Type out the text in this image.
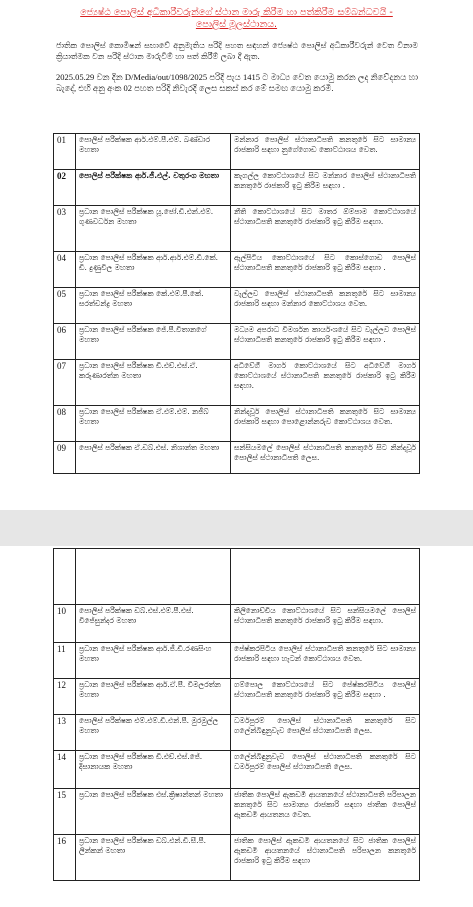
ජ්‍යෙෂ්ඨ පොලිස් අධිකාරීවරුන්ගේ ස්ථාන මාරු කිරීම හා පත්කිරීම සම්බන්ධවයි -
පොලිස් මූලස්ථානය.
ජාතික පොලිස් කොමිෂන් සභාවේ අනුමැතිය පරිදි පහත සඳහන් ජ්‍යෙෂ්ඨ පොලිස් අධිකාරීවරුන් වෙත විනාම ක්‍රියාත්මක වන පරිදි ස්ථාන මාරුවීම් හා පත් කිරීම් ලබා දී ඇත.
2025.05.29 වන දින D/Media/out/1098/2025 පරිදි පැය 1415 ට මාධ්‍ය වෙත යොමු කරන ලද නිවේදනය හා බැදේ, එහි අනු අංක 02 පහත පරිදි නිවැරදි ලෙස සකස් කර මේ සමඟ යොමු කරමි.
01	පොලිස් පරීක්ෂක ආර්.එම්.පී.එම්. බණ්ඩාර මහතා	මන්නාර පොලිස් ස්ථානාධිපති කනතුරේ සිට සාමාන්‍ය රාජකාරි සඳහා නුගේගොඩ කොට්ඨාශය වෙත.
02	පොලිස් පරීක්ෂක ආර්.ජී.එල්. චතුරංග මහතා	කැගල්ල කොට්ඨාශයේ සිට මන්නාර පොලිස් ස්ථානාධිපති කනතුරේ රාජකාරි ඉටු කිරීම සඳහා .
03	ප්‍රධාන පොලිස් පරීක්ෂක යූ.ජෝ.ඩී.එන්.එම්. ගුණවර්ධන මහතා	නීති කොට්ඨාශයේ සිට මාතර ඕම්පාම කොට්ඨාශයේ ස්ථානාධිපති කනතුරේ රාජකාරි ඉටු කිරීම සඳහා.
04	ප්‍රධාන පොලිස් පරීක්ෂක ආර්.ආර්.එම්.ඩී.කේ. ඩී. දුණුවිල මහතා	ඇල්පිටිය කොට්ඨාශයේ සිට කොස්ගොඩ පොලිස් ස්ථානාධිපති කනතුරේ රාජකාරි ඉටු කිරීම සඳහා .
05	ප්‍රධාන පොලිස් පරීක්ෂක කේ.එම්.පී.කේ. සරත්චන්ද්‍ර මහතා	වැල්ලව පොලිස් ස්ථානාධිපති කනතුරේ සිට සාමාන්‍ය රාජකාරි සඳහා මන්නාර කොට්ඨාශය වෙත.
06	ප්‍රධාන පොලිස් පරීක්ෂක ජේ.පී.විතානගේ මහතා	මධ්‍යම අපරාධ විමර්ශන කාර්යංශයේ සිට වැල්ලව පොලිස් ස්ථානාධිපති කනතුරේ රාජකාරි ඉටු කිරීම සඳහා .
07	ප්‍රධාන පොලිස් පරීක්ෂක ඩී.එච්.එස්.ඒ. කරුණාරත්න මහතා	අධිවේගී මාර්ග කොට්ඨාශයේ සිට අධිවේගී මාර්ග කොට්ඨාශයේ ස්ථානාධිපති කනතුරේ රාජකාරි ඉටු කිරීම සඳහා.
08	ප්‍රධාන පොලිස් පරීක්ෂක ඒ.එම්.එම්. නජීබ් මහතා	නින්දවූර් පොලිස් ස්ථානාධිපති කනතුරේ සිට සාමාන්‍ය රාජකාරි සඳහා පොළොන්නරුව කොට්ඨාශය වෙත.
09	පොලිස් පරීක්ෂක ඒ.ඩබ්.එස්. නිශාන්ත මහතා	සන්සියමලේ පොලිස් ස්ථානාධිපති කනතුරේ සිට නින්දවූර් පොලිස් ස්ථානාධිපති ලෙස.

10	පොලිස් පරීක්ෂක ඩබ්.එස්.එම්.පී.එස්. විජේසුන්දර මහතා	කිලිනොච්චිය කොට්ඨාශයේ සිට සන්සියමලේ පොලිස් ස්ථානාධිපති කනතුරේ රාජකාරි ඉටු කිරීම සඳහා.
11	ප්‍රධාන පොලිස් පරීක්ෂක ආර්.ජී.ඩී.රණසිංහ මහතා	පේෂ්කරපිටිය පොලිස් ස්ථානාධිපති කනතුරේ සිට සාමාන්‍ය රාජකාරි සඳහා හැටන් කොට්ඨාශය වෙත.
12	ප්‍රධාන පොලිස් පරීක්ෂක ආර්.ඒ.පී. විමලරත්න මහතා	ගම්පොල කොට්ඨාශයේ සිට පේෂ්කරපිටිය පොලිස් ස්ථානාධිපති කනතුරේ රාජකාරි ඉටු කිරීම සඳහා .
13	පොලිස් පරීක්ෂක එම්.එම්.ඩී.එන්.පී. මුරමුල්ල මහතා	ධර්මපුරම් පොලිස් ස්ථානාධිපති කනතුරේ සිට ගලේන්බිඳුනුවැව පොලිස් ස්ථානාධිපති ලෙස.
14	ප්‍රධාන පොලිස් පරීක්ෂක ඩී.එච්.එස්.ජේ. දිසානායක මහතා	ගලේන්බිඳුනුවැව පොලිස් ස්ථානාධිපති කනතුරේ සිට ධර්මපුරම් පොලිස් ස්ථානාධිපති ලෙස.
15	ප්‍රධාන පොලිස් පරීක්ෂක එස්.ක්‍රිෂාන්තන් මහතා	ජාතික පොලිස් ඇකඩමි ආයතනයේ ස්ථානාධිපති පරිපාලන කනතුරේ සිට සාමාන්‍ය රාජකාරි සඳහා ජාතික පොලිස් ඇකඩමි ආයතනය වෙත.
16	ප්‍රධාන පොලිස් පරීක්ෂක ඩබ්.එන්.ඩී.සී.පී. ලින්කන් මහතා	ජාතික පොලිස් ඇකඩමි ආයතනයේ සිට ජාතික පොලිස් ඇකඩමි ආයතනයේ ස්ථානාධිපති පරිපාලන කනතුරේ රාජකාරි ඉටු කිරීම සඳහා
